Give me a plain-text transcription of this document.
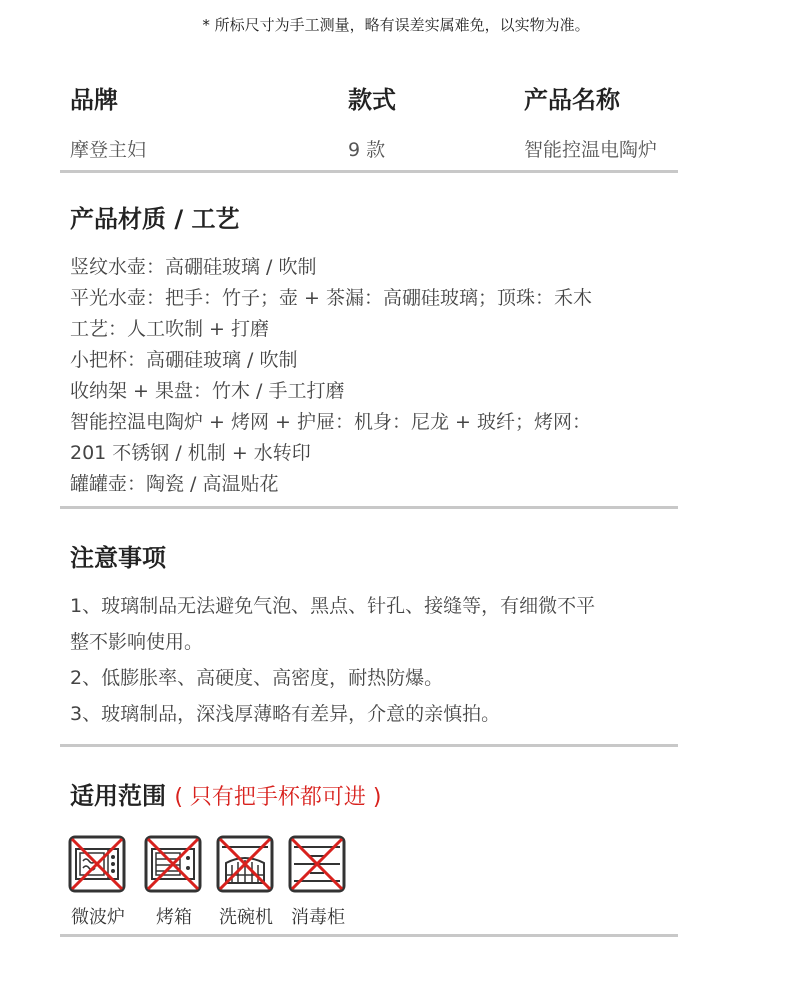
* 所标尺寸为手工测量，略有误差实属难免，以实物为准。
品牌	款式	产品名称
摩登主妇	9 款	智能控温电陶炉
产品材质 / 工艺
竖纹水壶：高硼硅玻璃 / 吹制
平光水壶：把手：竹子；壶 + 茶漏：高硼硅玻璃；顶珠：禾木
工艺：人工吹制 + 打磨
小把杯：高硼硅玻璃 / 吹制
收纳架 + 果盘：竹木 / 手工打磨
智能控温电陶炉 + 烤网 + 护屉：机身：尼龙 + 玻纤；烤网：
201 不锈钢 / 机制 + 水转印
罐罐壶：陶瓷 / 高温贴花
注意事项
1、玻璃制品无法避免气泡、黑点、针孔、接缝等，有细微不平
整不影响使用。
2、低膨胀率、高硬度、高密度，耐热防爆。
3、玻璃制品，深浅厚薄略有差异，介意的亲慎拍。
适用范围 ( 只有把手杯都可进 )
微波炉	烤箱	洗碗机	消毒柜
